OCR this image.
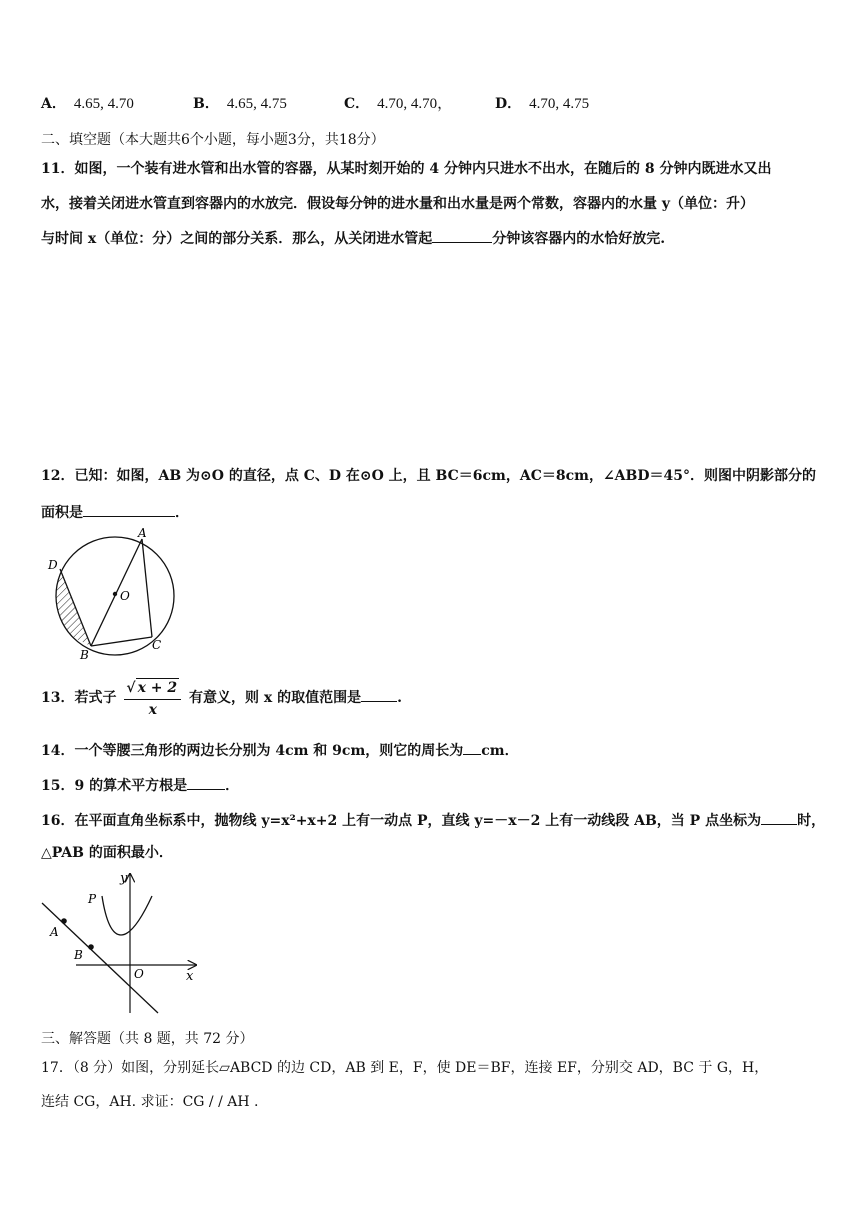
A． 4.65, 4.70	B． 4.65, 4.75	C． 4.70, 4.70，	D． 4.70, 4.75
二、填空题（本大题共6个小题，每小题3分，共18分）
11．如图，一个装有进水管和出水管的容器，从某时刻开始的 4 分钟内只进水不出水，在随后的 8 分钟内既进水又出
水，接着关闭进水管直到容器内的水放完．假设每分钟的进水量和出水量是两个常数，容器内的水量 y（单位：升）
与时间 x（单位：分）之间的部分关系．那么，从关闭进水管起	分钟该容器内的水恰好放完.
12．已知：如图，AB 为⊙O 的直径，点 C、D 在⊙O 上，且 BC＝6cm，AC＝8cm，∠ABD＝45°．则图中阴影部分的
面积是	．
A
B
C
D
O
13．若式子 $\frac{√ x + 2}{x}$ 有意义，则 x 的取值范围是	.
14．一个等腰三角形的两边长分别为 4cm 和 9cm，则它的周长为 cm．
15．9 的算术平方根是	．
16．在平面直角坐标系中，抛物线 y=x²+x+2 上有一动点 P，直线 y=－x－2 上有一动线段 AB，当 P 点坐标为	时，
△PAB 的面积最小．
A
B
P
y
x
O
三、解答题（共 8 题，共 72 分）
17．（8 分）如图，分别延长▱ABCD 的边 CD，AB 到 E，F，使 DE＝BF，连接 EF，分别交 AD，BC 于 G，H，
连结 CG，AH. 求证：CG / / AH .
